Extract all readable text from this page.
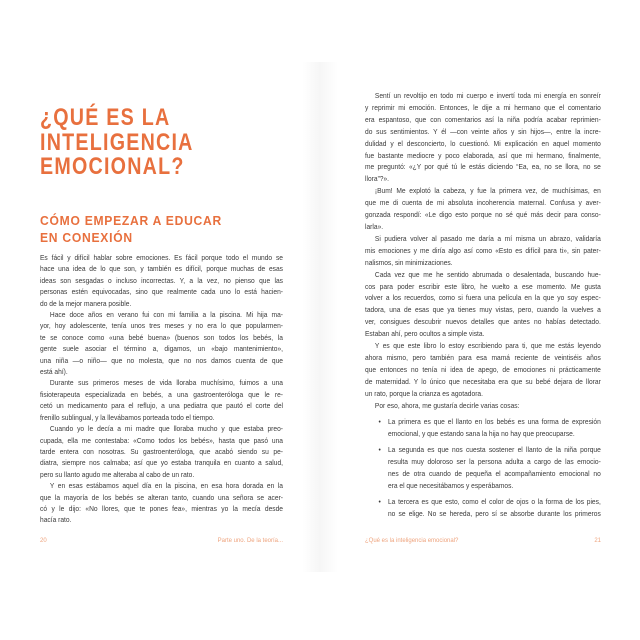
¿QUÉ ES LA
INTELIGENCIA
EMOCIONAL?
CÓMO EMPEZAR A EDUCAR
EN CONEXIÓN
Es fácil y difícil hablar sobre emociones. Es fácil porque todo el mundo se
hace una idea de lo que son, y también es difícil, porque muchas de esas
ideas son sesgadas o incluso incorrectas. Y, a la vez, no pienso que las
personas estén equivocadas, sino que realmente cada uno lo está hacien-
do de la mejor manera posible.
Hace doce años en verano fui con mi familia a la piscina. Mi hija ma-
yor, hoy adolescente, tenía unos tres meses y no era lo que popularmen-
te se conoce como «una bebé buena» (buenos son todos los bebés, la
gente suele asociar el término a, digamos, un «bajo mantenimiento»,
una niña —o niño— que no molesta, que no nos damos cuenta de que
está ahí).
Durante sus primeros meses de vida lloraba muchísimo, fuimos a una
fisioterapeuta especializada en bebés, a una gastroenteróloga que le re-
cetó un medicamento para el reflujo, a una pediatra que pautó el corte del
frenillo sublingual, y la llevábamos porteada todo el tiempo.
Cuando yo le decía a mi madre que lloraba mucho y que estaba preo-
cupada, ella me contestaba: «Como todos los bebés», hasta que pasó una
tarde entera con nosotras. Su gastroenteróloga, que acabó siendo su pe-
diatra, siempre nos calmaba; así que yo estaba tranquila en cuanto a salud,
pero su llanto agudo me alteraba al cabo de un rato.
Y en esas estábamos aquel día en la piscina, en esa hora dorada en la
que la mayoría de los bebés se alteran tanto, cuando una señora se acer-
có y le dijo: «No llores, que te pones fea», mientras yo la mecía desde
hacía rato.
Sentí un revoltijo en todo mi cuerpo e invertí toda mi energía en sonreír
y reprimir mi emoción. Entonces, le dije a mi hermano que el comentario
era espantoso, que con comentarios así la niña podría acabar reprimien-
do sus sentimientos. Y él —con veinte años y sin hijos—, entre la incre-
dulidad y el desconcierto, lo cuestionó. Mi explicación en aquel momento
fue bastante mediocre y poco elaborada, así que mi hermano, finalmente,
me preguntó: «¿Y por qué tú le estás diciendo “Ea, ea, no se llora, no se
llora”?».
¡Bum! Me explotó la cabeza, y fue la primera vez, de muchísimas, en
que me di cuenta de mi absoluta incoherencia maternal. Confusa y aver-
gonzada respondí: «Le digo esto porque no sé qué más decir para conso-
larla».
Si pudiera volver al pasado me daría a mí misma un abrazo, validaría
mis emociones y me diría algo así como «Esto es difícil para ti», sin pater-
nalismos, sin minimizaciones.
Cada vez que me he sentido abrumada o desalentada, buscando hue-
cos para poder escribir este libro, he vuelto a ese momento. Me gusta
volver a los recuerdos, como si fuera una película en la que yo soy espec-
tadora, una de esas que ya tienes muy vistas, pero, cuando la vuelves a
ver, consigues descubrir nuevos detalles que antes no habías detectado.
Estaban ahí, pero ocultos a simple vista.
Y es que este libro lo estoy escribiendo para ti, que me estás leyendo
ahora mismo, pero también para esa mamá reciente de veintiséis años
que entonces no tenía ni idea de apego, de emociones ni prácticamente
de maternidad. Y lo único que necesitaba era que su bebé dejara de llorar
un rato, porque la crianza es agotadora.
Por eso, ahora, me gustaría decirle varias cosas:
• La primera es que el llanto en los bebés es una forma de expresión
emocional, y que estando sana la hija no hay que preocuparse.
• La segunda es que nos cuesta sostener el llanto de la niña porque
resulta muy doloroso ser la persona adulta a cargo de las emocio-
nes de otra cuando de pequeña el acompañamiento emocional no
era el que necesitábamos y esperábamos.
• La tercera es que esto, como el color de ojos o la forma de los pies,
no se elige. No se hereda, pero sí se absorbe durante los primeros
20	Parte uno. De la teoría...	¿Qué es la inteligencia emocional?	21
